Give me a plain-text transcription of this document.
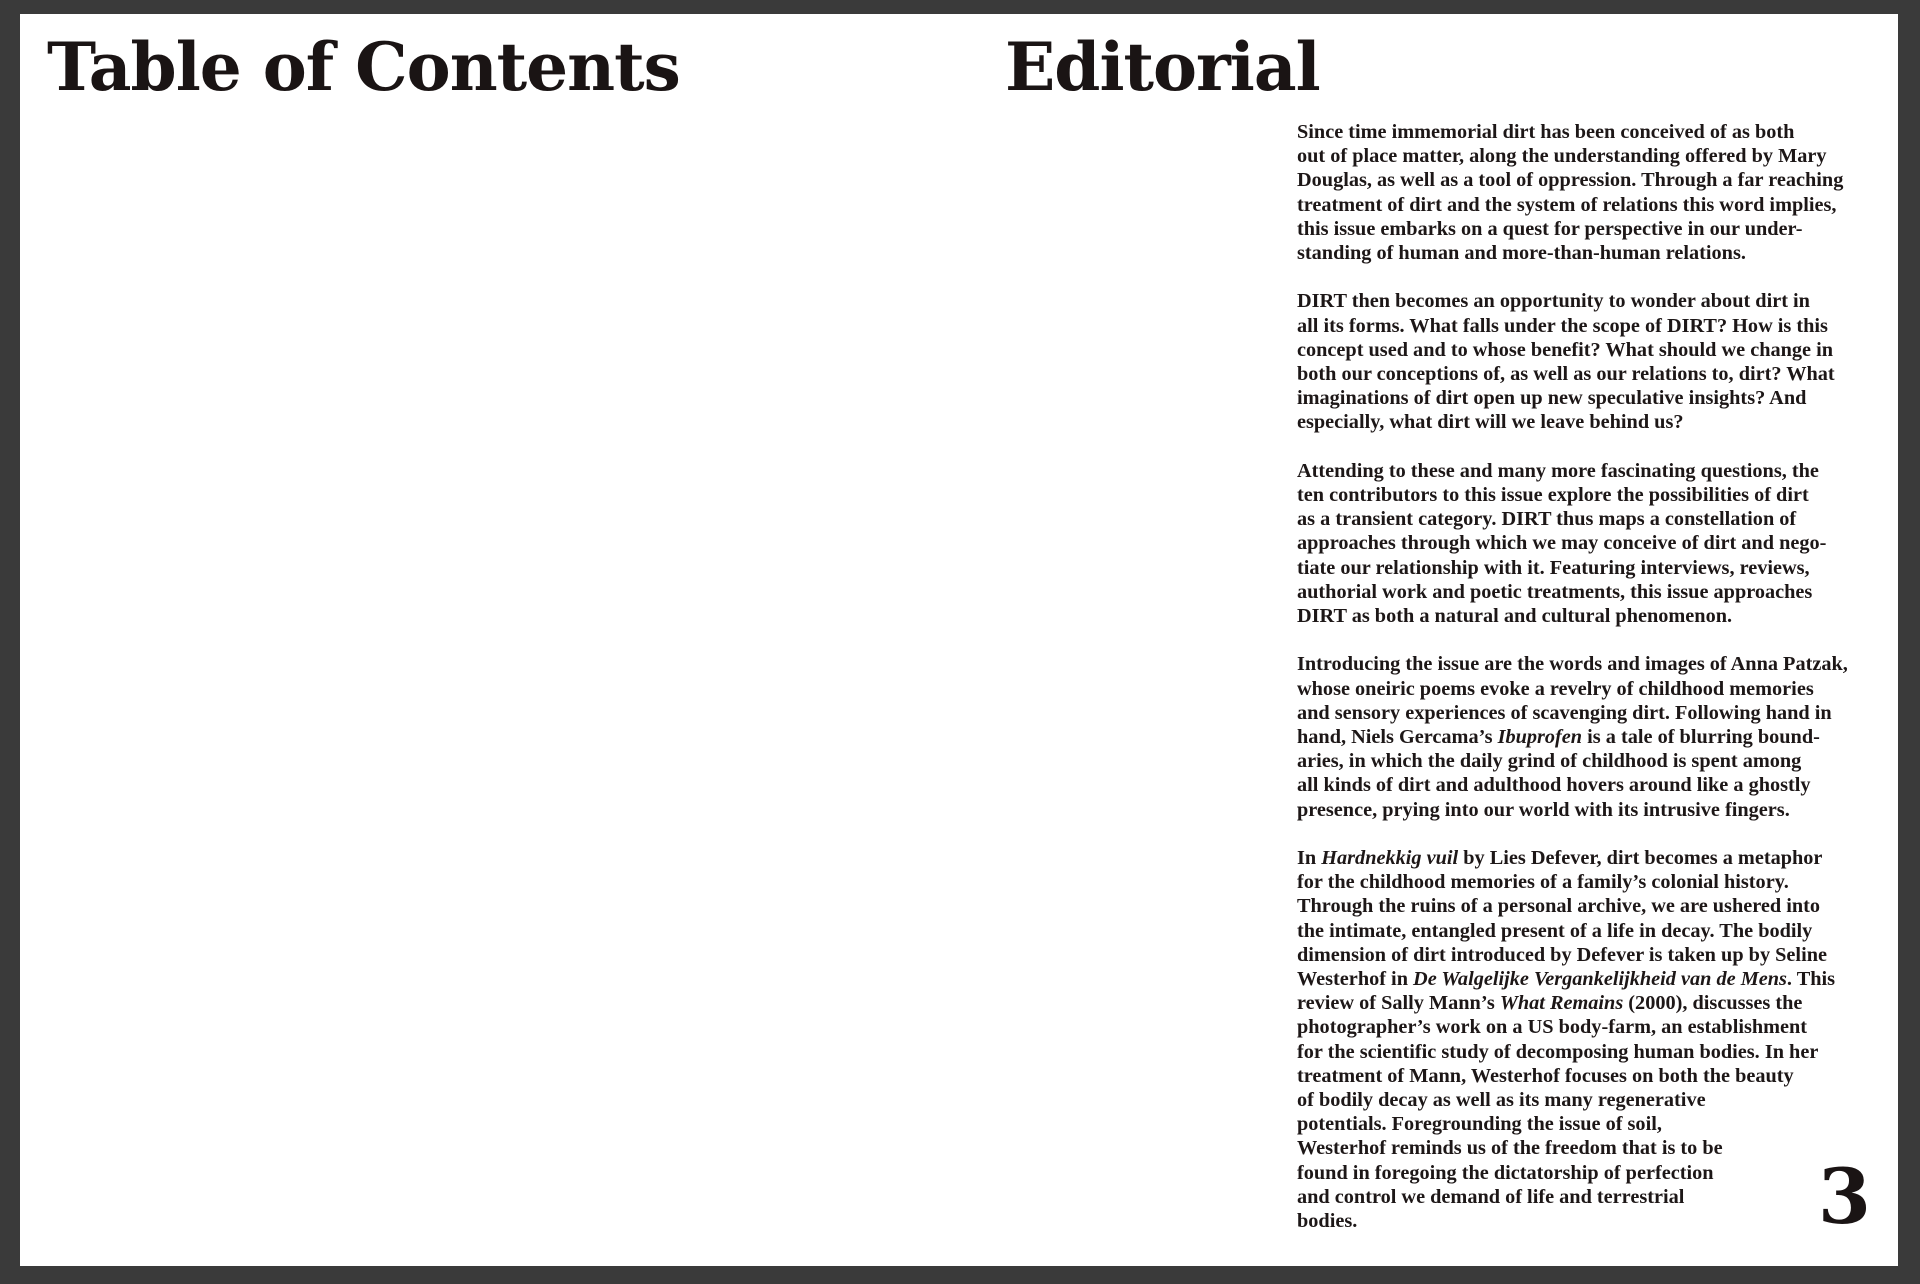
Table of Contents	Editorial

Since time immemorial dirt has been conceived of as both
out of place matter, along the understanding offered by Mary
Douglas, as well as a tool of oppression. Through a far reaching
treatment of dirt and the system of relations this word implies,
this issue embarks on a quest for perspective in our under-
standing of human and more-than-human relations.

DIRT then becomes an opportunity to wonder about dirt in
all its forms. What falls under the scope of DIRT? How is this
concept used and to whose benefit? What should we change in
both our conceptions of, as well as our relations to, dirt? What
imaginations of dirt open up new speculative insights? And
especially, what dirt will we leave behind us?

Attending to these and many more fascinating questions, the
ten contributors to this issue explore the possibilities of dirt
as a transient category. DIRT thus maps a constellation of
approaches through which we may conceive of dirt and nego-
tiate our relationship with it. Featuring interviews, reviews,
authorial work and poetic treatments, this issue approaches
DIRT as both a natural and cultural phenomenon.

Introducing the issue are the words and images of Anna Patzak,
whose oneiric poems evoke a revelry of childhood memories
and sensory experiences of scavenging dirt. Following hand in
hand, Niels Gercama’s Ibuprofen is a tale of blurring bound-
aries, in which the daily grind of childhood is spent among
all kinds of dirt and adulthood hovers around like a ghostly
presence, prying into our world with its intrusive fingers.

In Hardnekkig vuil by Lies Defever, dirt becomes a metaphor
for the childhood memories of a family’s colonial history.
Through the ruins of a personal archive, we are ushered into
the intimate, entangled present of a life in decay. The bodily
dimension of dirt introduced by Defever is taken up by Seline
Westerhof in De Walgelijke Vergankelijkheid van de Mens. This
review of Sally Mann’s What Remains (2000), discusses the
photographer’s work on a US body-farm, an establishment
for the scientific study of decomposing human bodies. In her
treatment of Mann, Westerhof focuses on both the beauty
of bodily decay as well as its many regenerative
potentials. Foregrounding the issue of soil,
Westerhof reminds us of the freedom that is to be
found in foregoing the dictatorship of perfection
and control we demand of life and terrestrial
bodies.	3
